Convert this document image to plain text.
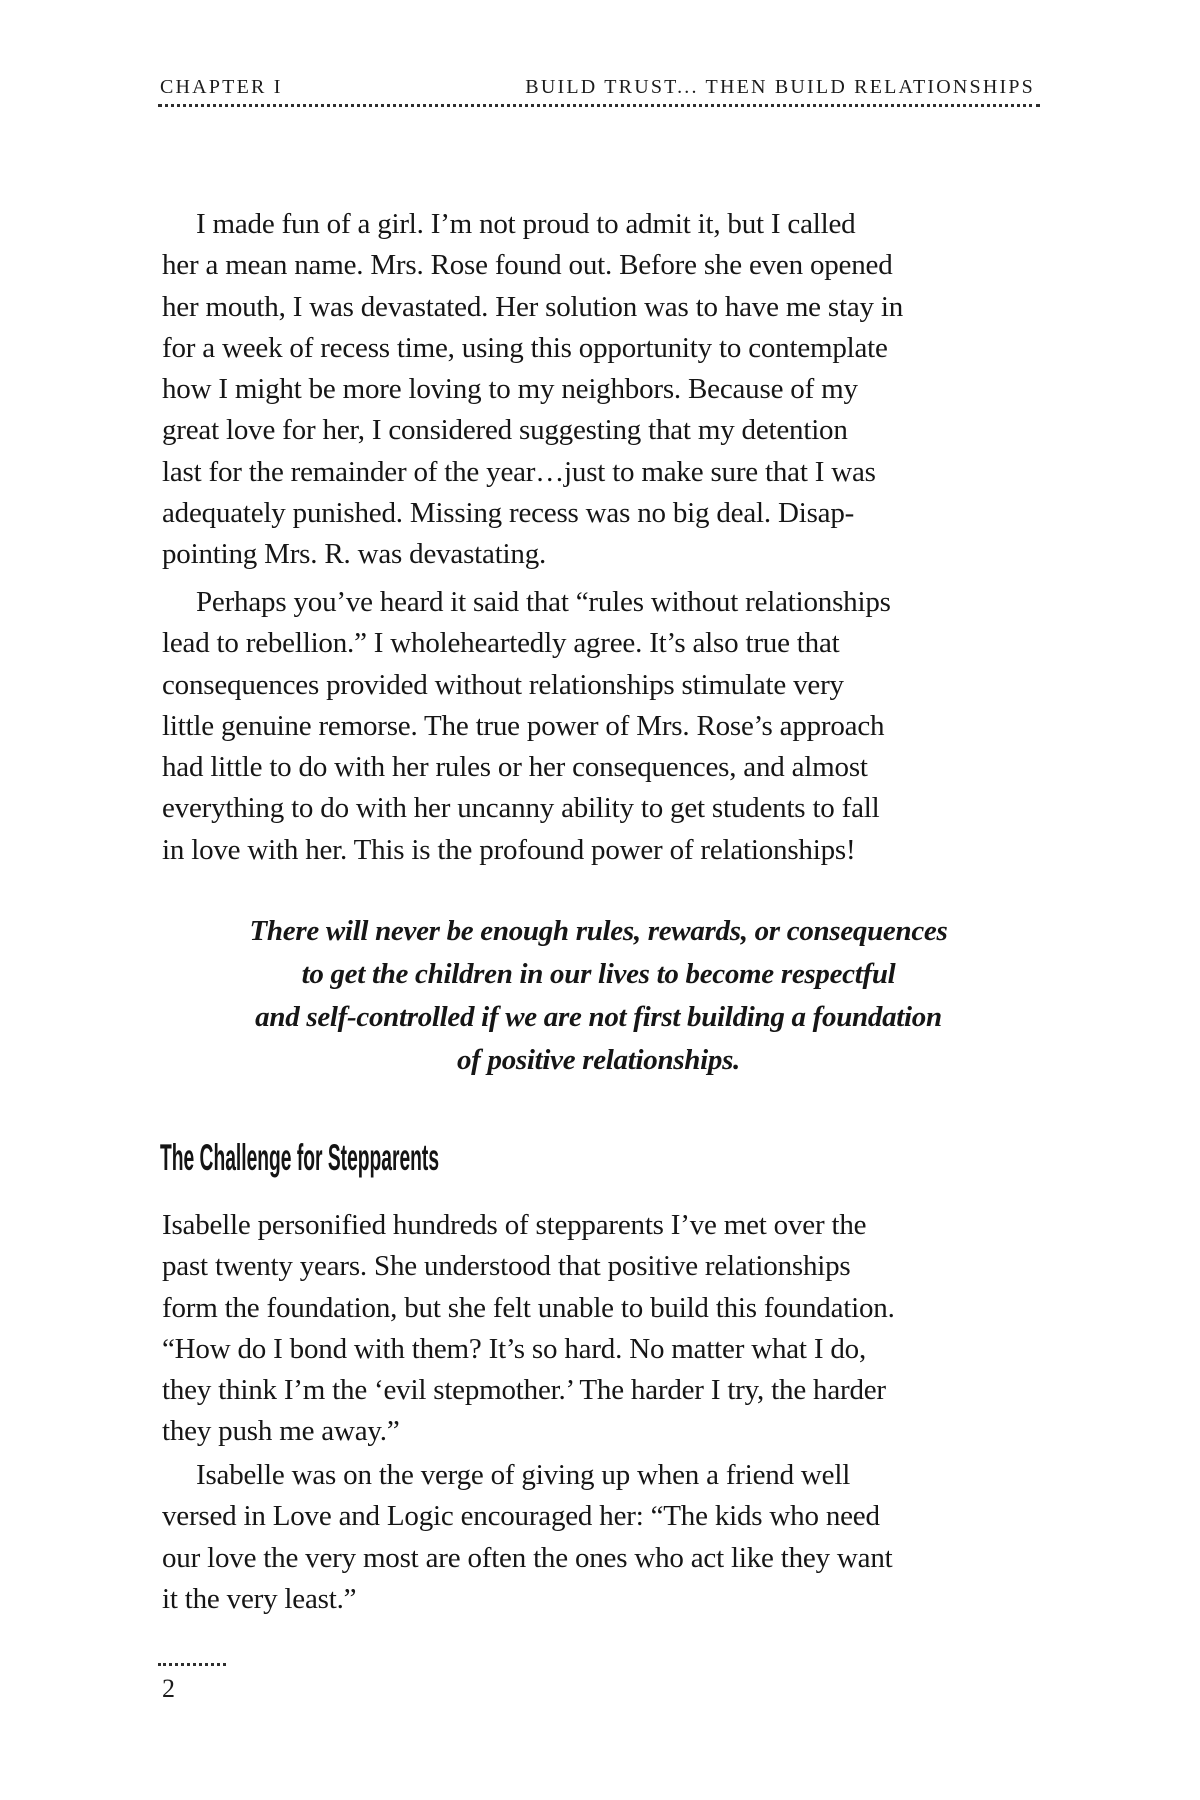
CHAPTER I	BUILD TRUST... THEN BUILD RELATIONSHIPS
I made fun of a girl. I’m not proud to admit it, but I called
her a mean name. Mrs. Rose found out. Before she even opened
her mouth, I was devastated. Her solution was to have me stay in
for a week of recess time, using this opportunity to contemplate
how I might be more loving to my neighbors. Because of my
great love for her, I considered suggesting that my detention
last for the remainder of the year…just to make sure that I was
adequately punished. Missing recess was no big deal. Disap-
pointing Mrs. R. was devastating.
Perhaps you’ve heard it said that “rules without relationships
lead to rebellion.” I wholeheartedly agree. It’s also true that
consequences provided without relationships stimulate very
little genuine remorse. The true power of Mrs. Rose’s approach
had little to do with her rules or her consequences, and almost
everything to do with her uncanny ability to get students to fall
in love with her. This is the profound power of relationships!
There will never be enough rules, rewards, or consequences
to get the children in our lives to become respectful
and self-controlled if we are not first building a foundation
of positive relationships.
The Challenge for Stepparents
Isabelle personified hundreds of stepparents I’ve met over the
past twenty years. She understood that positive relationships
form the foundation, but she felt unable to build this foundation.
“How do I bond with them? It’s so hard. No matter what I do,
they think I’m the ‘evil stepmother.’ The harder I try, the harder
they push me away.”
Isabelle was on the verge of giving up when a friend well
versed in Love and Logic encouraged her: “The kids who need
our love the very most are often the ones who act like they want
it the very least.”
2
